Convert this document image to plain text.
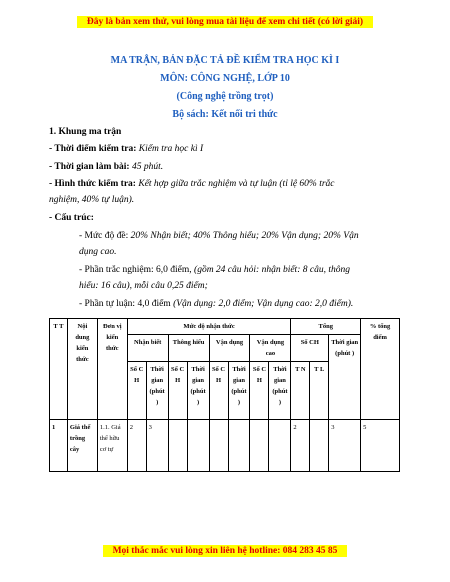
Đây là bản xem thử, vui lòng mua tài liệu để xem chi tiết (có lời giải)
MA TRẬN, BẢN ĐẶC TẢ ĐỀ KIỂM TRA HỌC KÌ I
MÔN: CÔNG NGHỆ, LỚP 10
(Công nghệ trồng trọt)
Bộ sách: Kết nối tri thức
1. Khung ma trận
- Thời điểm kiểm tra: Kiểm tra học kì I
- Thời gian làm bài: 45 phút.
- Hình thức kiểm tra: Kết hợp giữa trắc nghiệm và tự luận (tỉ lệ 60% trắc
nghiệm, 40% tự luận).
- Cấu trúc:
- Mức độ đề: 20% Nhận biết; 40% Thông hiểu; 20% Vận dụng; 20% Vận
dụng cao.
- Phần trắc nghiệm: 6,0 điểm, (gồm 24 câu hỏi: nhận biết: 8 câu, thông
hiểu: 16 câu), mỗi câu 0,25 điểm;
- Phần tự luận: 4,0 điểm (Vận dụng: 2,0 điểm; Vận dụng cao: 2,0 điểm).
T T	Nội dung kiến thức	Đơn vị kiến thức	Mức độ nhận thức								Tổng			% tổng điểm
			Nhận biết		Thông hiểu		Vận dụng		Vận dụng cao		Số CH		Thời gian (phút )	
			Số C H	Thời gian (phút )	Số C H	Thời gian (phút )	Số C H	Thời gian (phút )	Số C H	Thời gian (phút )	T N	T L		
1	Giá thể trồng cây	1.1. Giá thể hữu cơ tự	2	3							2		3	5
Mọi thắc mắc vui lòng xin liên hệ hotline: 084 283 45 85
